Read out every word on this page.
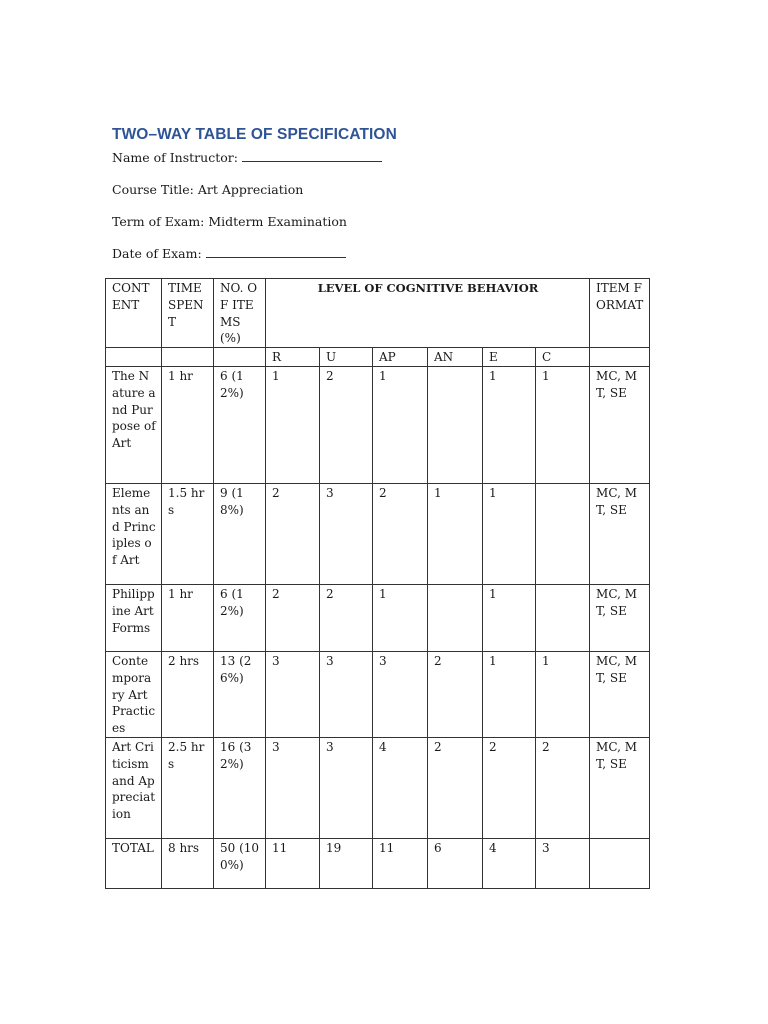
TWO–WAY TABLE OF SPECIFICATION
Name of Instructor:
Course Title: Art Appreciation
Term of Exam: Midterm Examination
Date of Exam:
CONTENT	TIME SPENT	NO. OF ITEMS (%)	LEVEL OF COGNITIVE BEHAVIOR						ITEM FORMAT
			R	U	AP	AN	E	C	
The Nature and Purpose of Art	1 hr	6 (12%)	1	2	1		1	1	MC, MT, SE
Elements and Principles of Art	1.5 hrs	9 (18%)	2	3	2	1	1		MC, MT, SE
Philippine Art Forms	1 hr	6 (12%)	2	2	1		1		MC, MT, SE
Contemporary Art Practices	2 hrs	13 (26%)	3	3	3	2	1	1	MC, MT, SE
Art Criticism and Appreciation	2.5 hrs	16 (32%)	3	3	4	2	2	2	MC, MT, SE
TOTAL	8 hrs	50 (100%)	11	19	11	6	4	3	
